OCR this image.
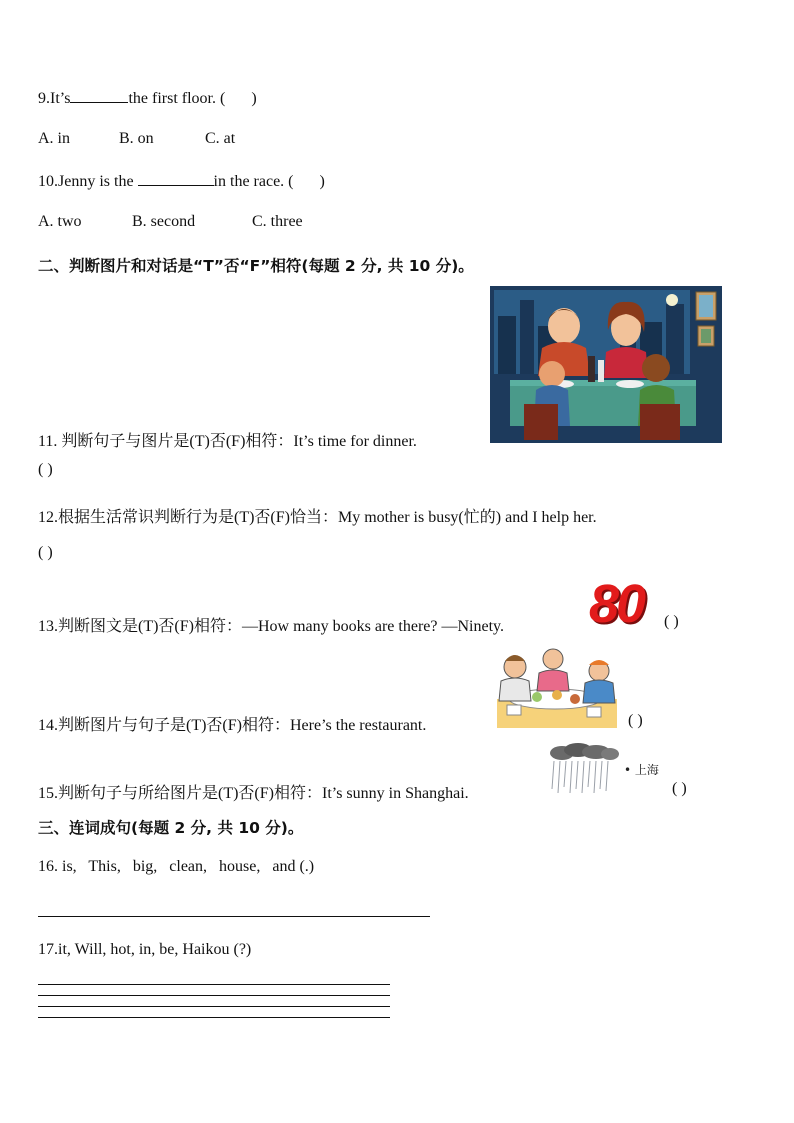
9.It’s	the first floor. ( )
A. in	B. on	C. at
10.Jenny is the	in the race. ( )
A. two	B. second	C. three
二、判断图片和对话是“T”否“F”相符(每题 2 分, 共 10 分)。
11. 判断句子与图片是(T)否(F)相符：It’s time for dinner.
( )
12.根据生活常识判断行为是(T)否(F)恰当：My mother is busy(忙的) and I help her.
( )
13.判断图文是(T)否(F)相符：—How many books are there? —Ninety. 80	( )
14.判断图片与句子是(T)否(F)相符：Here’s the restaurant.	( )
• 上海
15.判断句子与所给图片是(T)否(F)相符：It’s sunny in Shanghai.	( )
三、连词成句(每题 2 分, 共 10 分)。
16. is,   This,   big,   clean,   house,   and (.)
17.it, Will, hot, in, be, Haikou (?)
